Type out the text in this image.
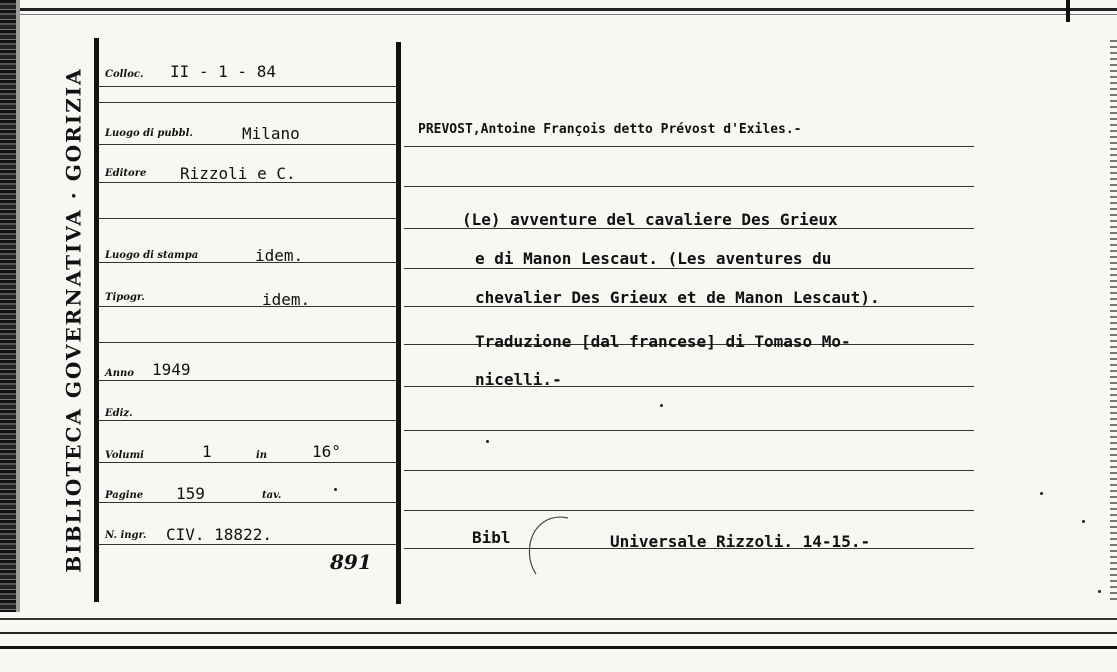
BIBLIOTECA GOVERNATIVA · GORIZIA Colloc. II - 1 - 84
Luogo di pubbl.	Milano
Editore Rizzoli e C.
Luogo di stampa	idem.
Tipogr.	idem.
Anno 1949
Ediz.
Volumi	1	in	16°
Pagine 159	tav.
N. ingr. CIV. 18822.
891
PREVOST,Antoine François detto Prévost d'Exiles.-
(Le) avventure del cavaliere Des Grieux
e di Manon Lescaut. (Les aventures du
chevalier Des Grieux et de Manon Lescaut).
Traduzione [dal francese] di Tomaso Mo-
nicelli.-
Bibl	Universale Rizzoli. 14-15.-
